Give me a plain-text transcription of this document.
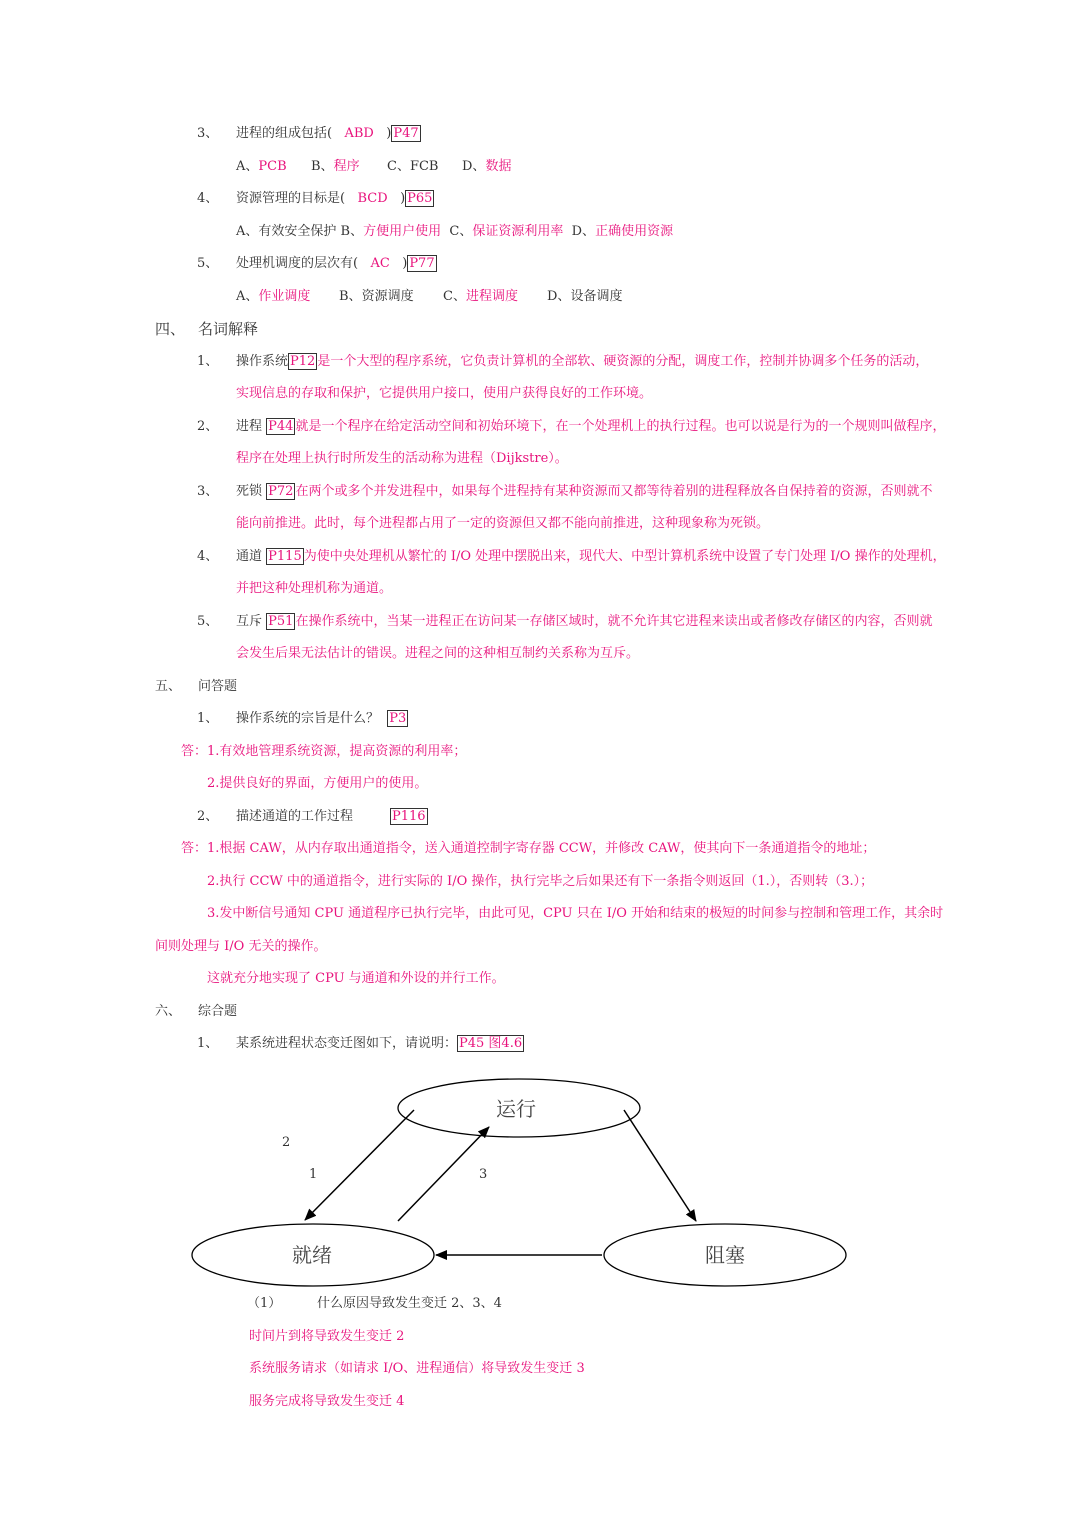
3、 进程的组成包括( ABD ) P47
A、PCB B、程序 C、FCB D、数据
4、 资源管理的目标是( BCD ) P65
A、有效安全保护 B、方便用户使用 C、保证资源利用率 D、正确使用资源
5、 处理机调度的层次有( AC ) P77
A、作业调度 B、资源调度 C、进程调度 D、设备调度
四、 名词解释
1、 操作系统 P12 是一个大型的程序系统，它负责计算机的全部软、硬资源的分配，调度工作，控制并协调多个任务的活动，
实现信息的存取和保护，它提供用户接口，使用户获得良好的工作环境。
2、 进程 P44 就是一个程序在给定活动空间和初始环境下，在一个处理机上的执行过程。也可以说是行为的一个规则叫做程序，
程序在处理上执行时所发生的活动称为进程（Dijkstre）。
3、 死锁 P72 在两个或多个并发进程中，如果每个进程持有某种资源而又都等待着别的进程释放各自保持着的资源，否则就不
能向前推进。此时，每个进程都占用了一定的资源但又都不能向前推进，这种现象称为死锁。
4、 通道 P115 为使中央处理机从繁忙的 I/O 处理中摆脱出来，现代大、中型计算机系统中设置了专门处理 I/O 操作的处理机，
并把这种处理机称为通道。
5、 互斥 P51 在操作系统中，当某一进程正在访问某一存储区域时，就不允许其它进程来读出或者修改存储区的内容，否则就
会发生后果无法估计的错误。进程之间的这种相互制约关系称为互斥。
五、 问答题
1、 操作系统的宗旨是什么？ P3
答：1.有效地管理系统资源，提高资源的利用率；
2.提供良好的界面，方便用户的使用。
2、 描述通道的工作过程	P116
答：1.根据 CAW，从内存取出通道指令，送入通道控制字寄存器 CCW，并修改 CAW，使其向下一条通道指令的地址；
2.执行 CCW 中的通道指令，进行实际的 I/O 操作，执行完毕之后如果还有下一条指令则返回（1.），否则转（3.）；
3.发中断信号通知 CPU 通道程序已执行完毕，由此可见，CPU 只在 I/O 开始和结束的极短的时间参与控制和管理工作，其余时
间则处理与 I/O 无关的操作。
这就充分地实现了 CPU 与通道和外设的并行工作。
六、 综合题
1、 某系统进程状态变迁图如下，请说明： P45 图4.6
运行
就绪	阻塞
2
1	3
（1）	什么原因导致发生变迁 2、3、4
时间片到将导致发生变迁 2
系统服务请求（如请求 I/O、进程通信）将导致发生变迁 3
服务完成将导致发生变迁 4
